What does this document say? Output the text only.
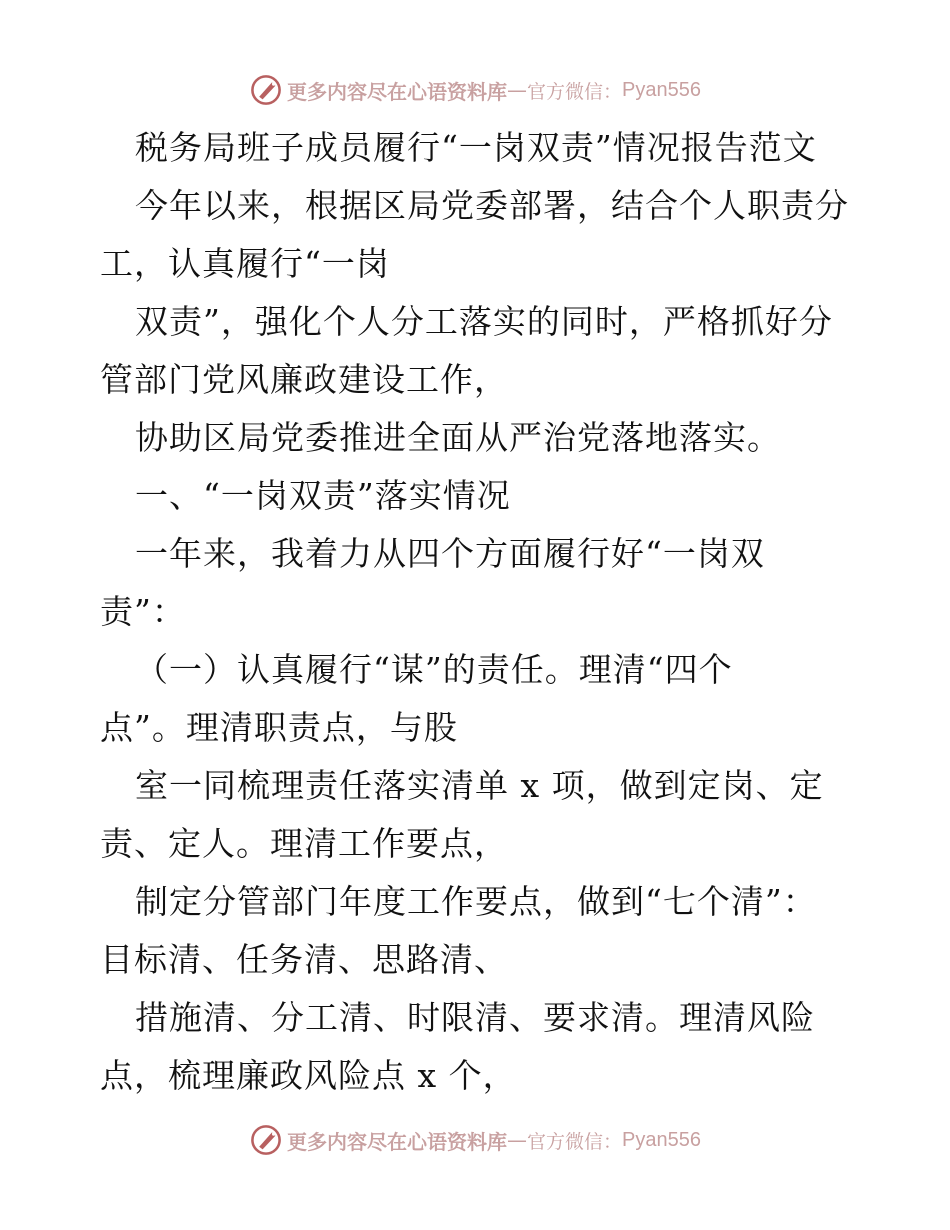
更多内容尽在心语资料库 — 官方微信： Pyan556
税务局班子成员履行“一岗双责”情况报告范文
今年以来，根据区局党委部署，结合个人职责分
工，认真履行“一岗
双责”，强化个人分工落实的同时，严格抓好分
管部门党风廉政建设工作，
协助区局党委推进全面从严治党落地落实。
一、“一岗双责”落实情况
一年来，我着力从四个方面履行好“一岗双
责”：
（一）认真履行“谋”的责任。理清“四个
点”。理清职责点，与股
室一同梳理责任落实清单 x 项，做到定岗、定
责、定人。理清工作要点，
制定分管部门年度工作要点，做到“七个清”：
目标清、任务清、思路清、
措施清、分工清、时限清、要求清。理清风险
点，梳理廉政风险点 x 个，
更多内容尽在心语资料库 — 官方微信： Pyan556
